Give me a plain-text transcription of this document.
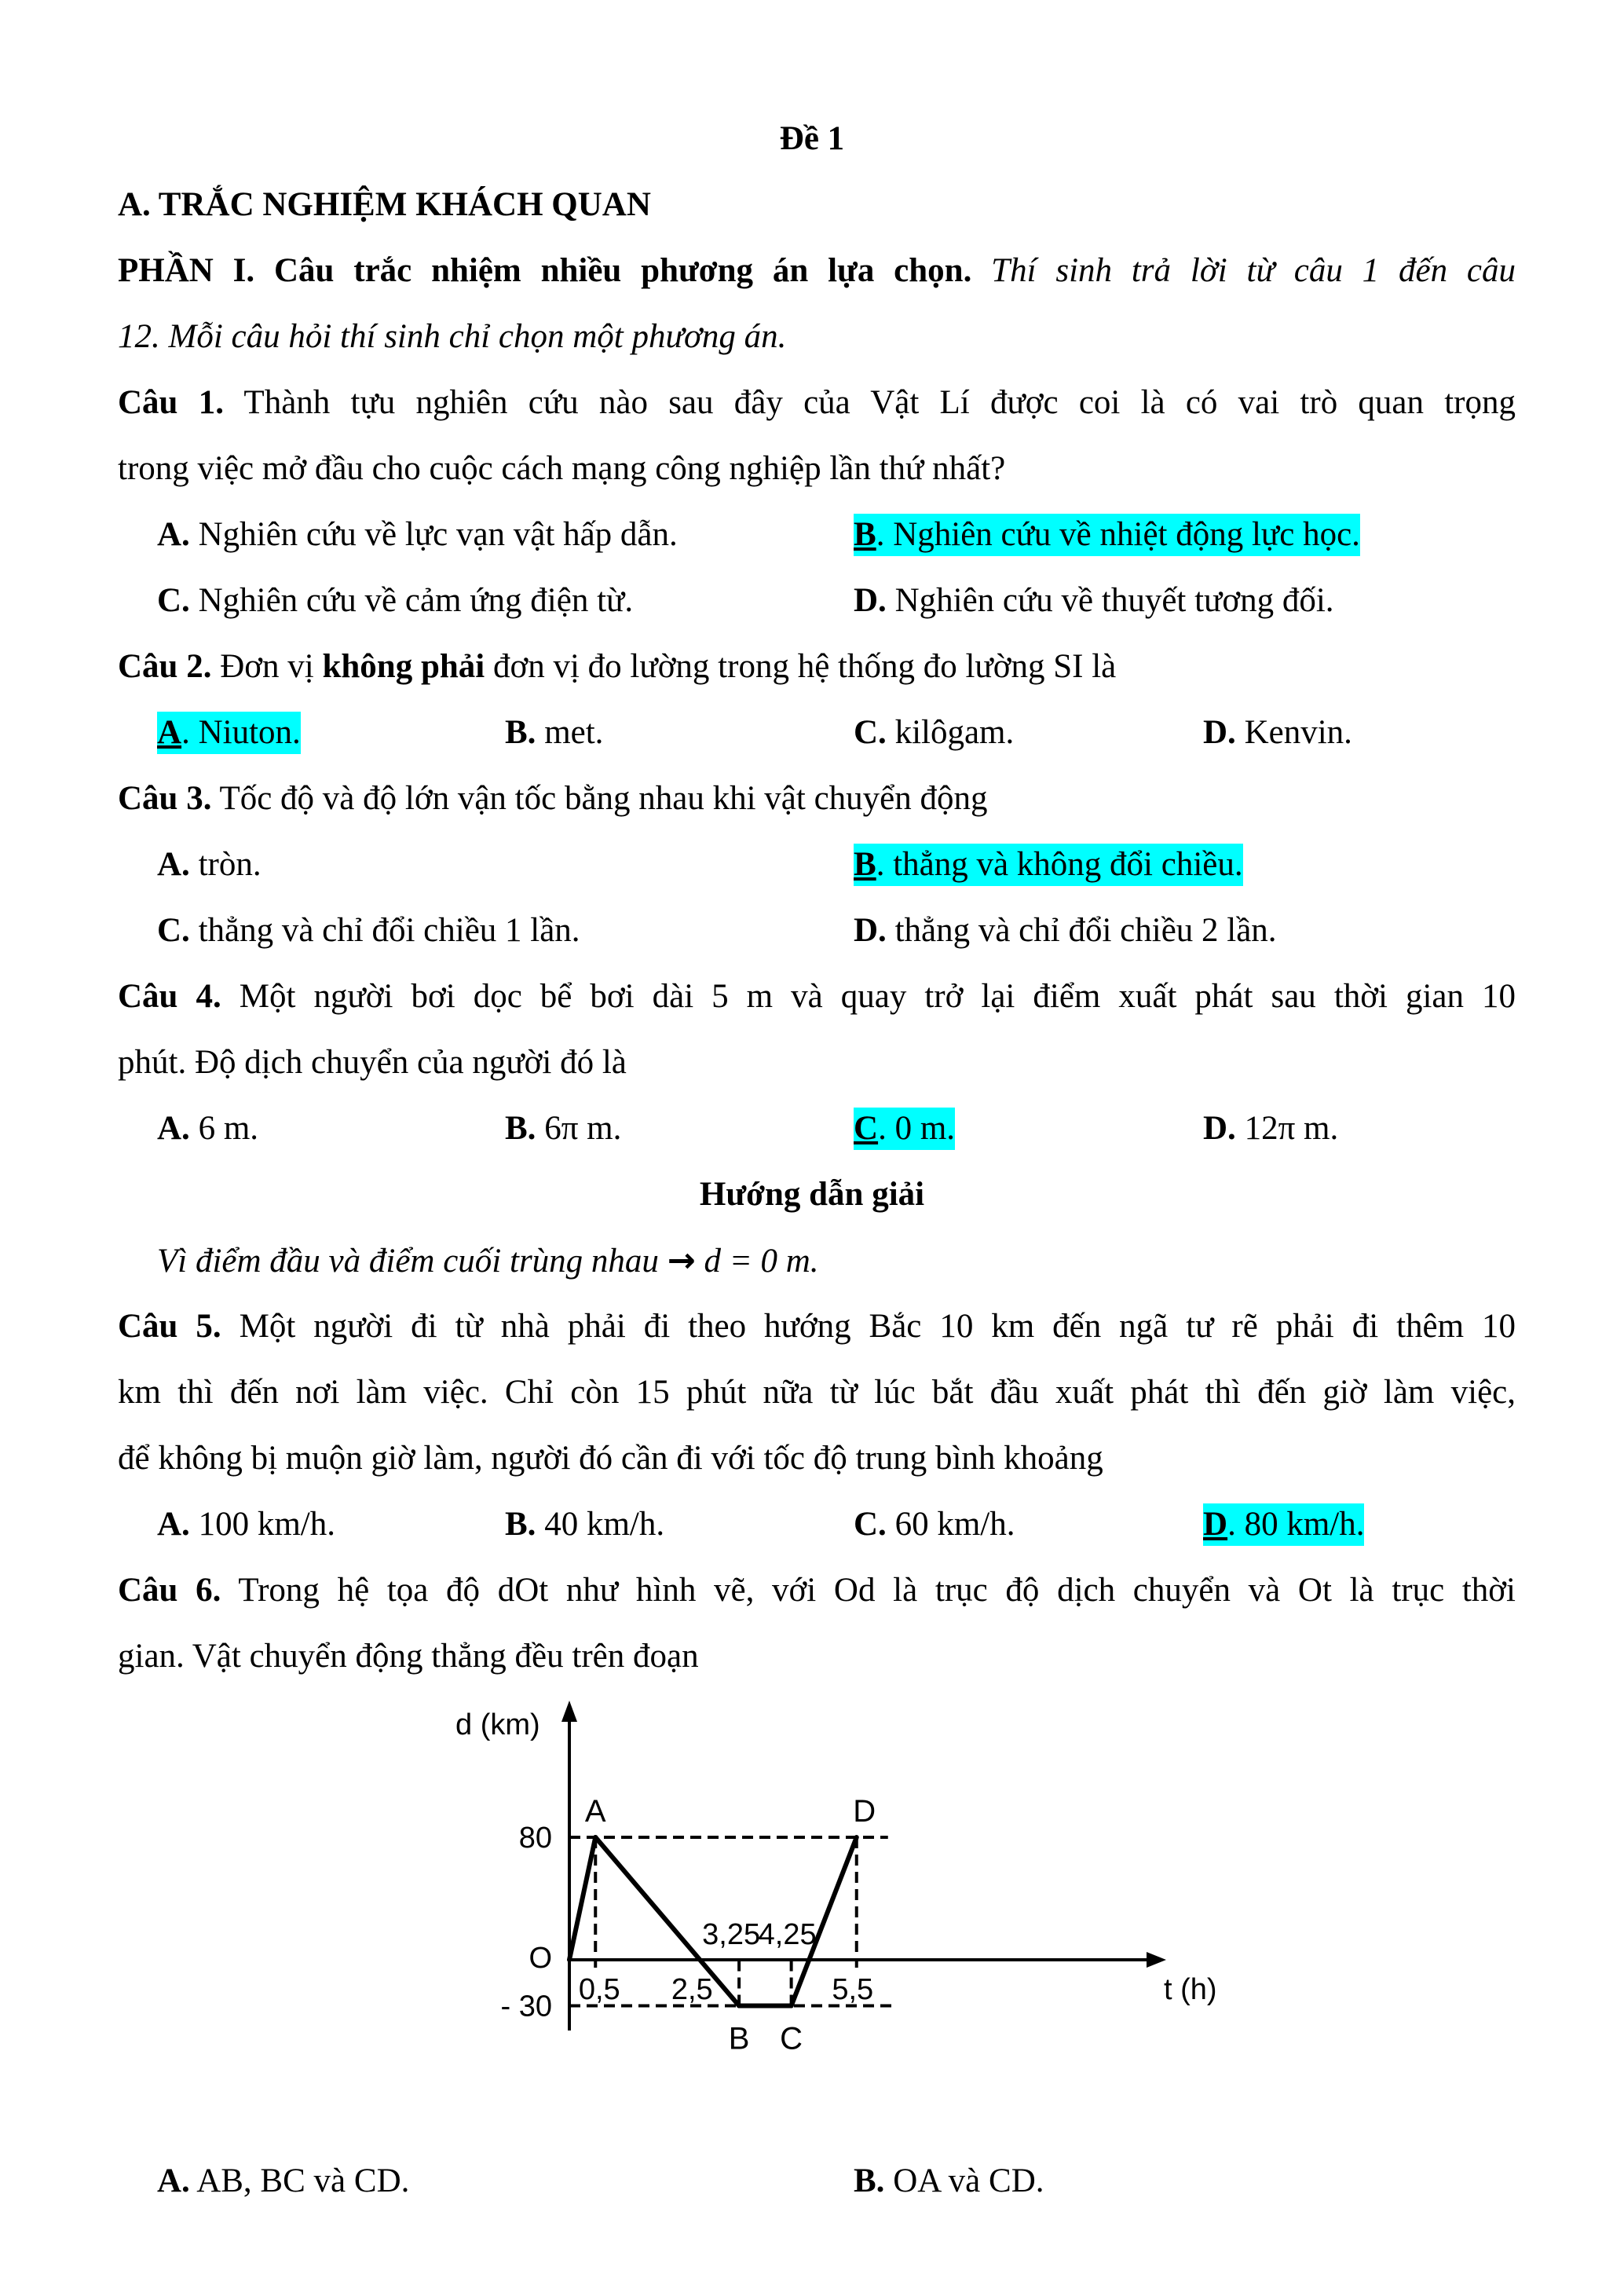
Đề 1
A. TRẮC NGHIỆM KHÁCH QUAN
PHẦN I. Câu trắc nhiệm nhiều phương án lựa chọn. Thí sinh trả lời từ câu 1 đến câu
12. Mỗi câu hỏi thí sinh chỉ chọn một phương án.
Câu 1. Thành tựu nghiên cứu nào sau đây của Vật Lí được coi là có vai trò quan trọng
trong việc mở đầu cho cuộc cách mạng công nghiệp lần thứ nhất?
A. Nghiên cứu về lực vạn vật hấp dẫn.	B. Nghiên cứu về nhiệt động lực học.
C. Nghiên cứu về cảm ứng điện từ.	D. Nghiên cứu về thuyết tương đối.
Câu 2. Đơn vị không phải đơn vị đo lường trong hệ thống đo lường SI là
A. Niuton.	B. met.	C. kilôgam.	D. Kenvin.
Câu 3. Tốc độ và độ lớn vận tốc bằng nhau khi vật chuyển động
A. tròn.	B. thẳng và không đổi chiều.
C. thẳng và chỉ đổi chiều 1 lần.	D. thẳng và chỉ đổi chiều 2 lần.
Câu 4. Một người bơi dọc bể bơi dài 5 m và quay trở lại điểm xuất phát sau thời gian 10
phút. Độ dịch chuyển của người đó là
A. 6 m.	B. 6π m.	C. 0 m.	D. 12π m.
Hướng dẫn giải
Vì điểm đầu và điểm cuối trùng nhau → d = 0 m.
Câu 5. Một người đi từ nhà phải đi theo hướng Bắc 10 km đến ngã tư rẽ phải đi thêm 10
km thì đến nơi làm việc. Chỉ còn 15 phút nữa từ lúc bắt đầu xuất phát thì đến giờ làm việc,
để không bị muộn giờ làm, người đó cần đi với tốc độ trung bình khoảng
A. 100 km/h.	B. 40 km/h.	C. 60 km/h.	D. 80 km/h.
Câu 6. Trong hệ tọa độ dOt như hình vẽ, với Od là trục độ dịch chuyển và Ot là trục thời
gian. Vật chuyển động thẳng đều trên đoạn
80
- 30
O
d (km)
t (h)
0,5 2,5
3,25
4,25
5,5
A
B C
D
A. AB, BC và CD.	B. OA và CD.
